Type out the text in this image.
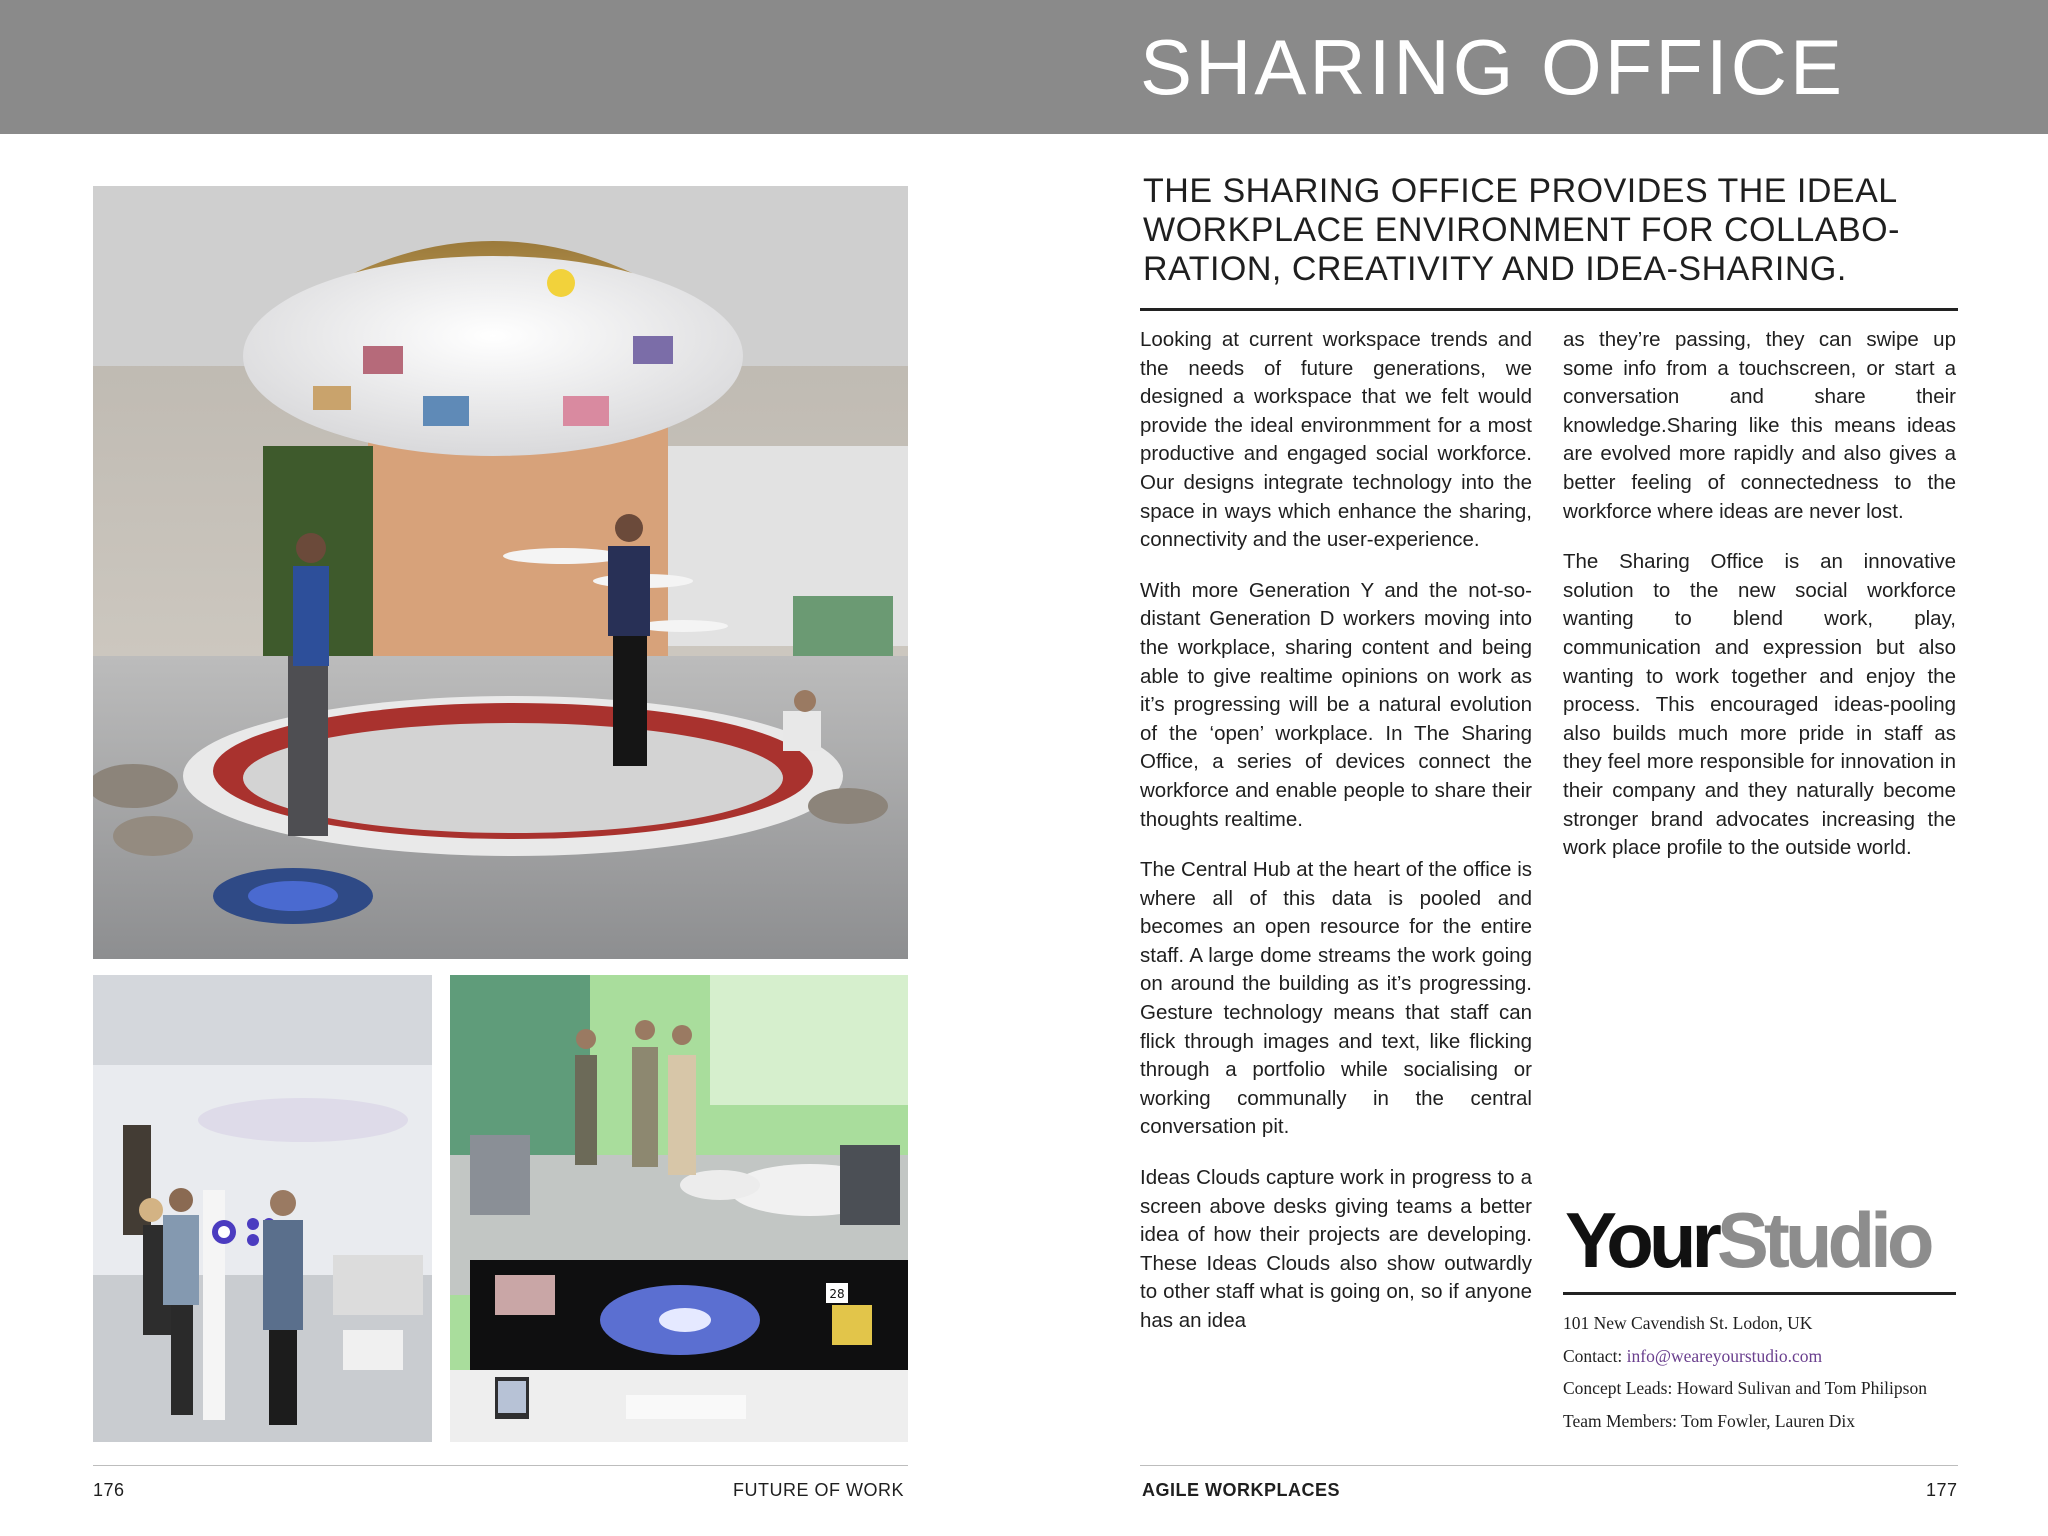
SHARING OFFICE
28
THE SHARING OFFICE PROVIDES THE IDEAL WORKPLACE ENVIRONMENT FOR COLLABO-RATION, CREATIVITY AND IDEA-SHARING.

Looking at current workspace trends and the needs of future generations, we designed a workspace that we felt would provide the ideal environmment for a most productive and engaged social workforce. Our designs integrate technology into the space in ways which enhance the sharing, connectivity and the user-experience.

With more Generation Y and the not-so-distant Generation D workers moving into the workplace, sharing content and being able to give realtime opinions on work as it’s progressing will be a natural evolution of the ‘open’ workplace. In The Sharing Office, a series of devices connect the workforce and enable people to share their thoughts realtime.

The Central Hub at the heart of the office is where all of this data is pooled and becomes an open resource for the entire staff. A large dome streams the work going on around the building as it’s progressing. Gesture technology means that staff can flick through images and text, like flicking through a portfolio while socialising or working communally in the central conversation pit.

Ideas Clouds capture work in progress to a screen above desks giving teams a better idea of how their projects are developing. These Ideas Clouds also show outwardly to other staff what is going on, so if anyone has an idea

as they’re passing, they can swipe up some info from a touchscreen, or start a conversation and share their knowledge.Sharing like this means ideas are evolved more rapidly and also gives a better feeling of connectedness to the workforce where ideas are never lost.

The Sharing Office is an innovative solution to the new social workforce wanting to blend work, play, communication and expression but also wanting to work together and enjoy the process. This encouraged ideas-pooling also builds much more pride in staff as they feel more responsible for innovation in their company and they naturally become stronger brand advocates increasing the work place profile to the outside world.

YourStudio
101 New Cavendish St. Lodon, UK
Contact: info@weareyourstudio.com
Concept Leads: Howard Sulivan and Tom Philipson
Team Members: Tom Fowler, Lauren Dix
176	FUTURE OF WORK	AGILE WORKPLACES	177
